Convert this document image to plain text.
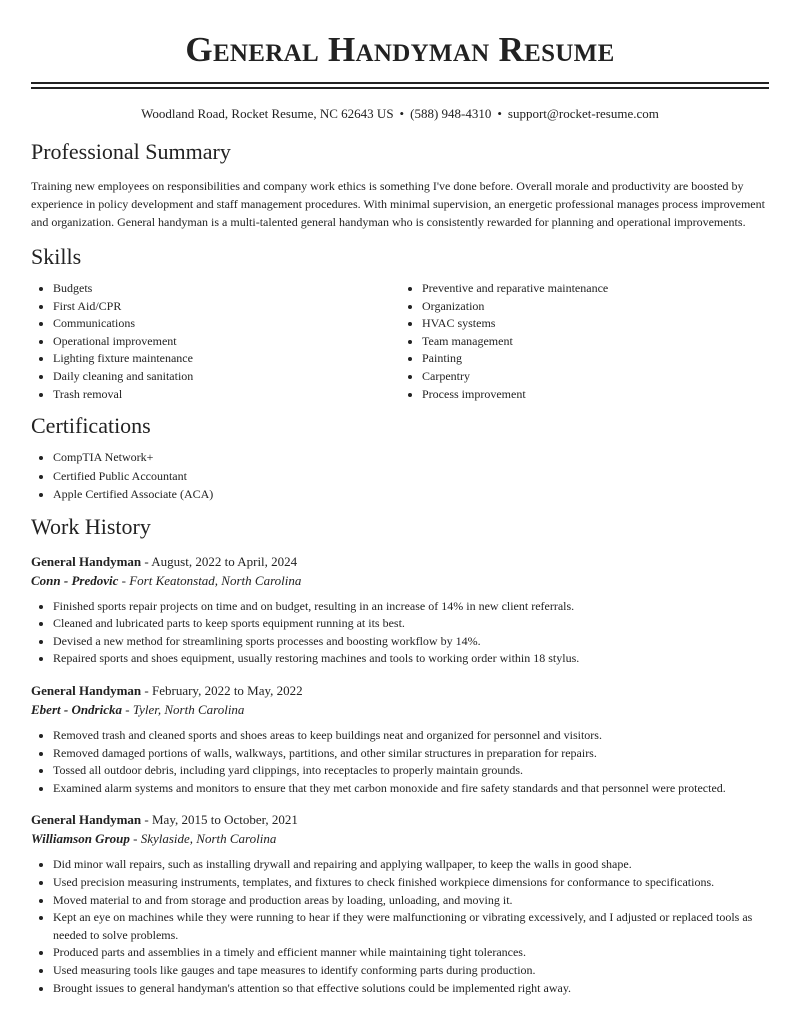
General Handyman Resume
Woodland Road, Rocket Resume, NC 62643 US • (588) 948-4310 • support@rocket-resume.com
Professional Summary

Training new employees on responsibilities and company work ethics is something I've done before. Overall morale and productivity are boosted by experience in policy development and staff management procedures. With minimal supervision, an energetic professional manages process improvement and organization. General handyman is a multi-talented general handyman who is consistently rewarded for planning and operational improvements.

Skills
• Budgets
• First Aid/CPR
• Communications
• Operational improvement
• Lighting fixture maintenance
• Daily cleaning and sanitation
• Trash removal
• Preventive and reparative maintenance
• Organization
• HVAC systems
• Team management
• Painting
• Carpentry
• Process improvement
Certifications
• CompTIA Network+
• Certified Public Accountant
• Apple Certified Associate (ACA)
Work History
General Handyman - August, 2022 to April, 2024
Conn - Predovic - Fort Keatonstad, North Carolina
• Finished sports repair projects on time and on budget, resulting in an increase of 14% in new client referrals.
• Cleaned and lubricated parts to keep sports equipment running at its best.
• Devised a new method for streamlining sports processes and boosting workflow by 14%.
• Repaired sports and shoes equipment, usually restoring machines and tools to working order within 18 stylus.
General Handyman - February, 2022 to May, 2022
Ebert - Ondricka - Tyler, North Carolina
• Removed trash and cleaned sports and shoes areas to keep buildings neat and organized for personnel and visitors.
• Removed damaged portions of walls, walkways, partitions, and other similar structures in preparation for repairs.
• Tossed all outdoor debris, including yard clippings, into receptacles to properly maintain grounds.
• Examined alarm systems and monitors to ensure that they met carbon monoxide and fire safety standards and that personnel were protected.
General Handyman - May, 2015 to October, 2021
Williamson Group - Skylaside, North Carolina
• Did minor wall repairs, such as installing drywall and repairing and applying wallpaper, to keep the walls in good shape.
• Used precision measuring instruments, templates, and fixtures to check finished workpiece dimensions for conformance to specifications.
• Moved material to and from storage and production areas by loading, unloading, and moving it.
• Kept an eye on machines while they were running to hear if they were malfunctioning or vibrating excessively, and I adjusted or replaced tools as needed to solve problems.
• Produced parts and assemblies in a timely and efficient manner while maintaining tight tolerances.
• Used measuring tools like gauges and tape measures to identify conforming parts during production.
• Brought issues to general handyman's attention so that effective solutions could be implemented right away.
